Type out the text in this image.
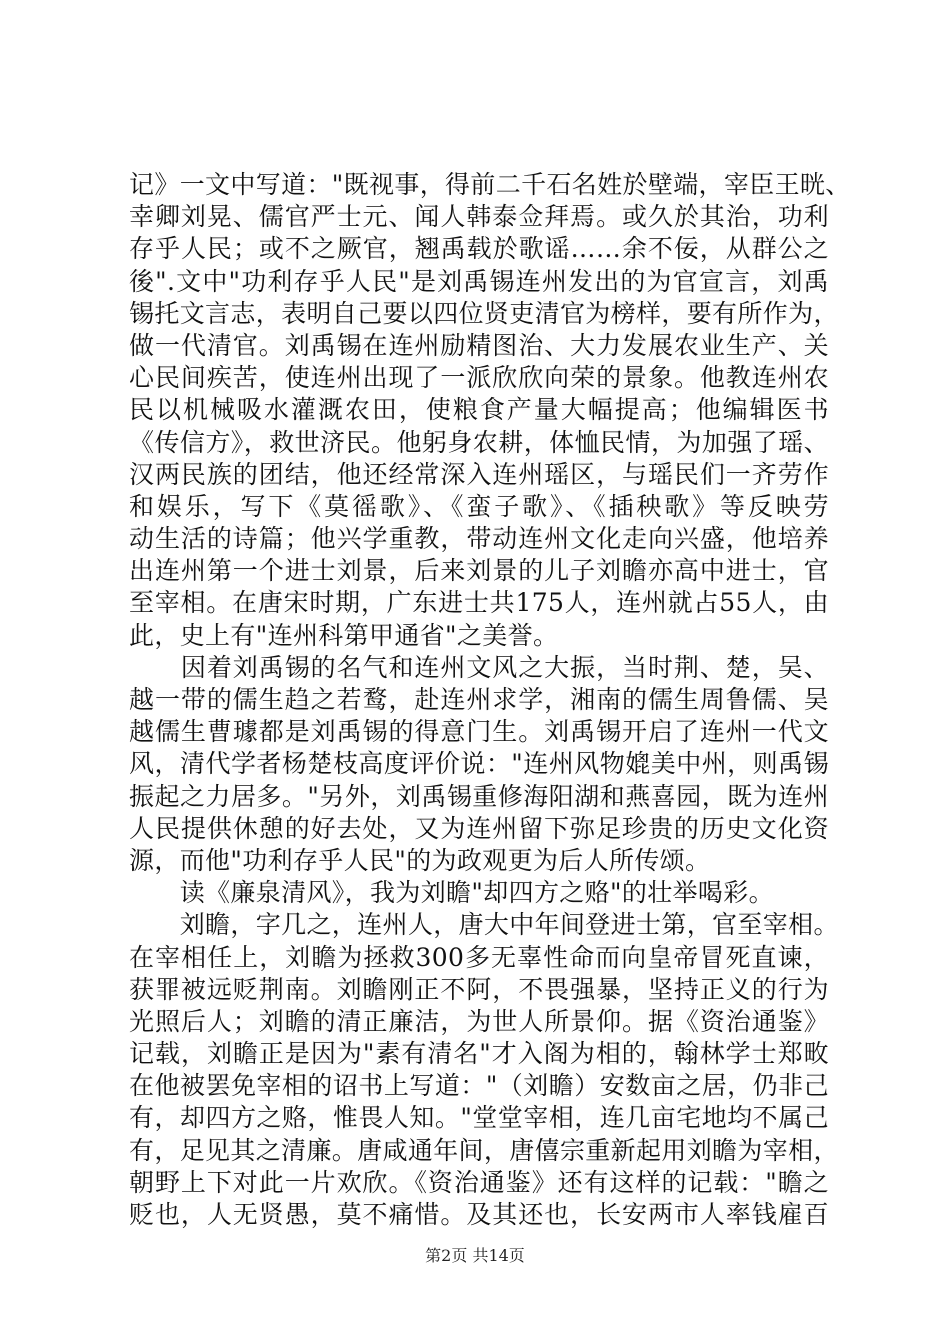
记》一文中写道："既视事，得前二千石名姓於壁端，宰臣王晄、
幸卿刘晃、儒官严士元、闻人韩泰佥拜焉。或久於其治，功利
存乎人民；或不之厥官，翘禹载於歌谣……余不佞，从群公之
後".文中"功利存乎人民"是刘禹锡连州发出的为官宣言，刘禹
锡托文言志，表明自己要以四位贤吏清官为榜样，要有所作为，
做一代清官。刘禹锡在连州励精图治、大力发展农业生产、关
心民间疾苦，使连州出现了一派欣欣向荣的景象。他教连州农
民以机械吸水灌溉农田，使粮食产量大幅提高；他编辑医书
《传信方》，救世济民。他躬身农耕，体恤民情，为加强了瑶、
汉两民族的团结，他还经常深入连州瑶区，与瑶民们一齐劳作
和娱乐，写下《莫徭歌》、《蛮子歌》、《插秧歌》等反映劳
动生活的诗篇；他兴学重教，带动连州文化走向兴盛，他培养
出连州第一个进士刘景，后来刘景的儿子刘瞻亦高中进士，官
至宰相。在唐宋时期，广东进士共175人，连州就占55人，由
此，史上有"连州科第甲通省"之美誉。
　　因着刘禹锡的名气和连州文风之大振，当时荆、楚，吴、
越一带的儒生趋之若鹜，赴连州求学，湘南的儒生周鲁儒、吴
越儒生曹璩都是刘禹锡的得意门生。刘禹锡开启了连州一代文
风，清代学者杨楚枝高度评价说："连州风物媲美中州，则禹锡
振起之力居多。"另外，刘禹锡重修海阳湖和燕喜园，既为连州
人民提供休憩的好去处，又为连州留下弥足珍贵的历史文化资
源，而他"功利存乎人民"的为政观更为后人所传颂。
　　读《廉泉清风》，我为刘瞻"却四方之赂"的壮举喝彩。
　　刘瞻，字几之，连州人，唐大中年间登进士第，官至宰相。
在宰相任上，刘瞻为拯救300多无辜性命而向皇帝冒死直谏，
获罪被远贬荆南。刘瞻刚正不阿，不畏强暴，坚持正义的行为
光照后人；刘瞻的清正廉洁，为世人所景仰。据《资治通鉴》
记载，刘瞻正是因为"素有清名"才入阁为相的，翰林学士郑畋
在他被罢免宰相的诏书上写道："（刘瞻）安数亩之居，仍非己
有，却四方之赂，惟畏人知。"堂堂宰相，连几亩宅地均不属己
有，足见其之清廉。唐咸通年间，唐僖宗重新起用刘瞻为宰相，
朝野上下对此一片欢欣。《资治通鉴》还有这样的记载："瞻之
贬也，人无贤愚，莫不痛惜。及其还也，长安两市人率钱雇百
第2页 共14页
